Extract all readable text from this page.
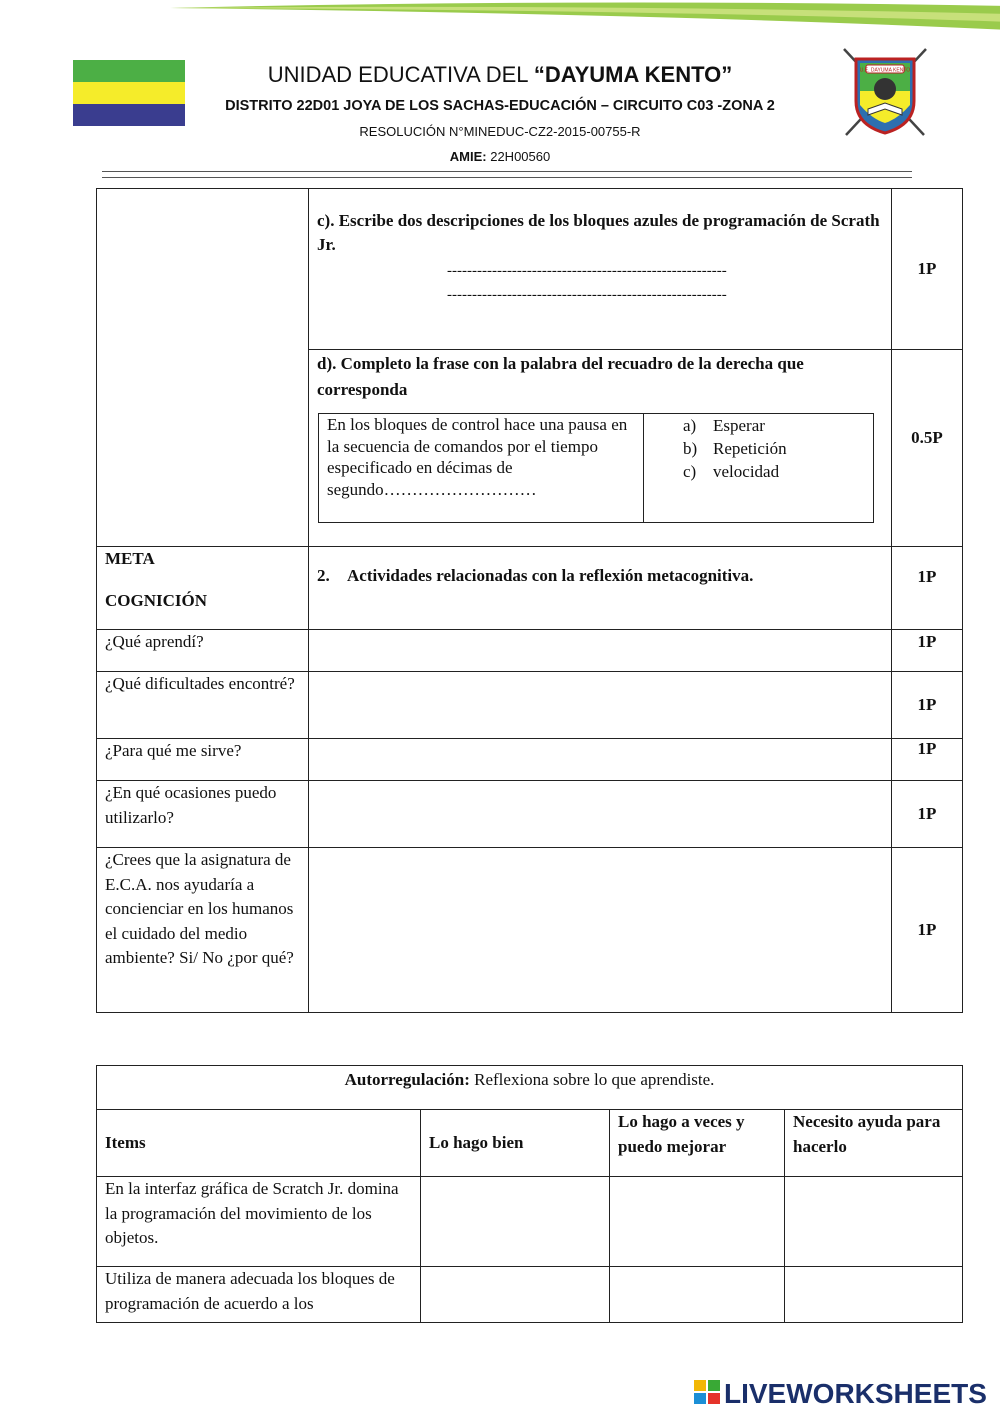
UNIDAD EDUCATIVA DEL “DAYUMA KENTO”
DISTRITO 22D01 JOYA DE LOS SACHAS-EDUCACIÓN – CIRCUITO C03 -ZONA 2
RESOLUCIÓN N°MINEDUC-CZ2-2015-00755-R
AMIE: 22H00560
U.E. DAYUMA KENTO

	c). Escribe dos descripciones de los bloques azules de programación de Scrath Jr.
--------------------------------------------------------
--------------------------------------------------------	1P

	d). Completo la frase con la palabra del recuadro de la derecha que corresponda
En los bloques de control hace una pausa en la secuencia de comandos por el tiempo especificado en décimas de segundo………………………
a) Esperar
b) Repetición
c) velocidad	0.5P

META
COGNICIÓN	2. Actividades relacionadas con la reflexión metacognitiva.	1P
¿Qué aprendí?		1P
¿Qué dificultades encontré?		1P
¿Para qué me sirve?		1P
¿En qué ocasiones puedo utilizarlo?		1P
¿Crees que la asignatura de E.C.A. nos ayudaría a concienciar en los humanos el cuidado del medio ambiente? Si/ No ¿por qué?		1P
Autorregulación: Reflexiona sobre lo que aprendiste.			
Items	Lo hago bien	Lo hago a veces y puedo mejorar	Necesito ayuda para hacerlo
En la interfaz gráfica de Scratch Jr. domina la programación del movimiento de los objetos.			
Utiliza de manera adecuada los bloques de programación de acuerdo a los			
LIVEWORKSHEETS
